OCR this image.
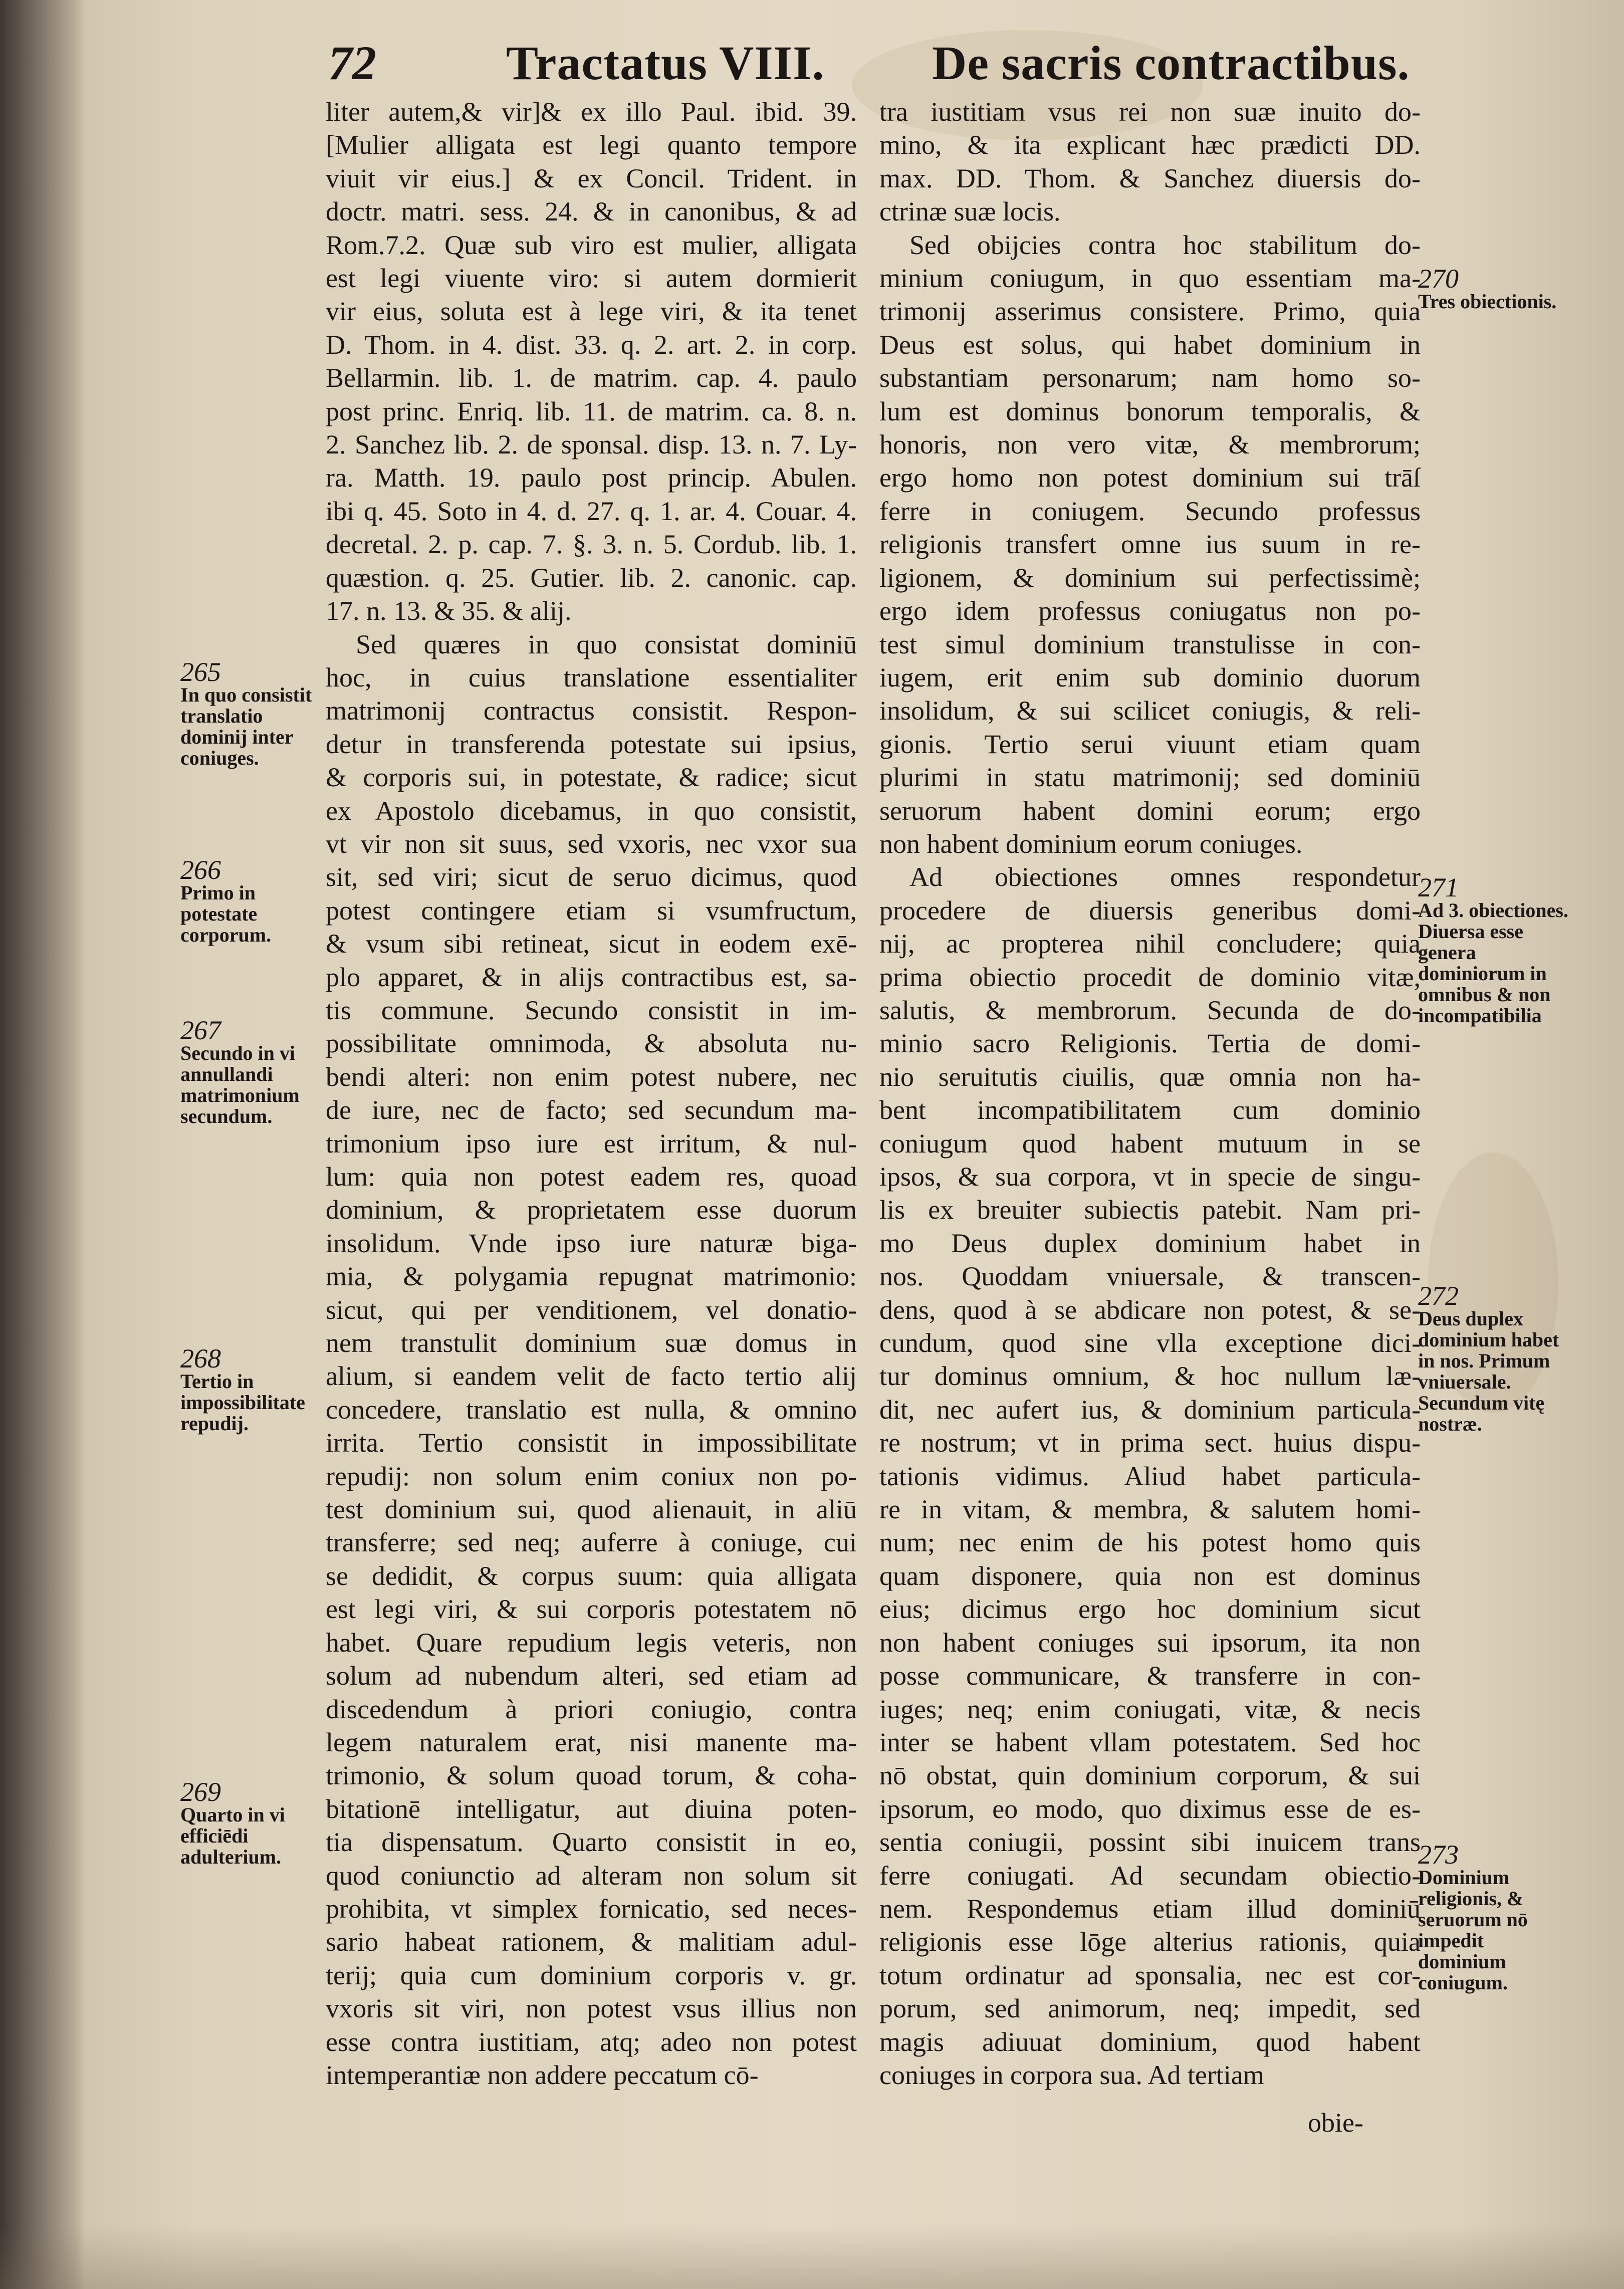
72	Tractatus VIII. De sacris contractibus.
liter autem,& vir]& ex illo Paul. ibid. 39.
[Mulier alligata est legi quanto tempore
viuit vir eius.] & ex Concil. Trident. in
doctr. matri. sess. 24. & in canonibus, & ad
Rom.7.2. Quæ sub viro est mulier, alligata
est legi viuente viro: si autem dormierit
vir eius, soluta est à lege viri, & ita tenet
D. Thom. in 4. dist. 33. q. 2. art. 2. in corp.
Bellarmin. lib. 1. de matrim. cap. 4. paulo
post princ. Enriq. lib. 11. de matrim. ca. 8. n.
2. Sanchez lib. 2. de sponsal. disp. 13. n. 7. Ly-
ra. Matth. 19. paulo post princip. Abulen.
ibi q. 45. Soto in 4. d. 27. q. 1. ar. 4. Couar. 4.
decretal. 2. p. cap. 7. §. 3. n. 5. Cordub. lib. 1.
quæstion. q. 25. Gutier. lib. 2. canonic. cap.
17. n. 13. & 35. & alij.
Sed quæres in quo consistat dominiū
hoc, in cuius translatione essentialiter
matrimonij contractus consistit. Respon-
detur in transferenda potestate sui ipsius,
& corporis sui, in potestate, & radice; sicut
ex Apostolo dicebamus, in quo consistit,
vt vir non sit suus, sed vxoris, nec vxor sua
sit, sed viri; sicut de seruo dicimus, quod
potest contingere etiam si vsumfructum,
& vsum sibi retineat, sicut in eodem exē-
plo apparet, & in alijs contractibus est, sa-
tis commune. Secundo consistit in im-
possibilitate omnimoda, & absoluta nu-
bendi alteri: non enim potest nubere, nec
de iure, nec de facto; sed secundum ma-
trimonium ipso iure est irritum, & nul-
lum: quia non potest eadem res, quoad
dominium, & proprietatem esse duorum
insolidum. Vnde ipso iure naturæ biga-
mia, & polygamia repugnat matrimonio:
sicut, qui per venditionem, vel donatio-
nem transtulit dominium suæ domus in
alium, si eandem velit de facto tertio alij
concedere, translatio est nulla, & omnino
irrita. Tertio consistit in impossibilitate
repudij: non solum enim coniux non po-
test dominium sui, quod alienauit, in aliū
transferre; sed neq; auferre à coniuge, cui
se dedidit, & corpus suum: quia alligata
est legi viri, & sui corporis potestatem nō
habet. Quare repudium legis veteris, non
solum ad nubendum alteri, sed etiam ad
discedendum à priori coniugio, contra
legem naturalem erat, nisi manente ma-
trimonio, & solum quoad torum, & coha-
bitationē intelligatur, aut diuina poten-
tia dispensatum. Quarto consistit in eo,
quod coniunctio ad alteram non solum sit
prohibita, vt simplex fornicatio, sed neces-
sario habeat rationem, & malitiam adul-
terij; quia cum dominium corporis v. gr.
vxoris sit viri, non potest vsus illius non
esse contra iustitiam, atq; adeo non potest
intemperantiæ non addere peccatum cō-
tra iustitiam vsus rei non suæ inuito do-
mino, & ita explicant hæc prædicti DD.
max. DD. Thom. & Sanchez diuersis do-
ctrinæ suæ locis.
Sed obijcies contra hoc stabilitum do-
minium coniugum, in quo essentiam ma-
trimonij asserimus consistere. Primo, quia
Deus est solus, qui habet dominium in
substantiam personarum; nam homo so-
lum est dominus bonorum temporalis, &
honoris, non vero vitæ, & membrorum;
ergo homo non potest dominium sui trāſ
ferre in coniugem. Secundo professus
religionis transfert omne ius suum in re-
ligionem, & dominium sui perfectissimè;
ergo idem professus coniugatus non po-
test simul dominium transtulisse in con-
iugem, erit enim sub dominio duorum
insolidum, & sui scilicet coniugis, & reli-
gionis. Tertio serui viuunt etiam quam
plurimi in statu matrimonij; sed dominiū
seruorum habent domini eorum; ergo
non habent dominium eorum coniuges.
Ad obiectiones omnes respondetur
procedere de diuersis generibus domi-
nij, ac propterea nihil concludere; quia
prima obiectio procedit de dominio vitæ,
salutis, & membrorum. Secunda de do-
minio sacro Religionis. Tertia de domi-
nio seruitutis ciuilis, quæ omnia non ha-
bent incompatibilitatem cum dominio
coniugum quod habent mutuum in se
ipsos, & sua corpora, vt in specie de singu-
lis ex breuiter subiectis patebit. Nam pri-
mo Deus duplex dominium habet in
nos. Quoddam vniuersale, & transcen-
dens, quod à se abdicare non potest, & se-
cundum, quod sine vlla exceptione dici-
tur dominus omnium, & hoc nullum læ-
dit, nec aufert ius, & dominium particula-
re nostrum; vt in prima sect. huius dispu-
tationis vidimus. Aliud habet particula-
re in vitam, & membra, & salutem homi-
num; nec enim de his potest homo quis
quam disponere, quia non est dominus
eius; dicimus ergo hoc dominium sicut
non habent coniuges sui ipsorum, ita non
posse communicare, & transferre in con-
iuges; neq; enim coniugati, vitæ, & necis
inter se habent vllam potestatem. Sed hoc
nō obstat, quin dominium corporum, & sui
ipsorum, eo modo, quo diximus esse de es-
sentia coniugii, possint sibi inuicem trans
ferre coniugati. Ad secundam obiectio-
nem. Respondemus etiam illud dominiū
religionis esse lōge alterius rationis, quia
totum ordinatur ad sponsalia, nec est cor-
porum, sed animorum, neq; impedit, sed
magis adiuuat dominium, quod habent
coniuges in corpora sua. Ad tertiam
265
In quo consistit translatio dominij inter coniuges.
266
Primo in potestate corporum.
267
Secundo in vi annullandi matrimonium secundum.
268
Tertio in impossibilitate repudij.
269
Quarto in vi efficiēdi adulterium.
270
Tres obiectionis.
271
Ad 3. obiectiones. Diuersa esse genera dominiorum in omnibus & non incompatibilia
272
Deus duplex dominium habet in nos. Primum vniuersale. Secundum vitę nostræ.
273
Dominium religionis, & seruorum nō impedit dominium coniugum.
obie-
